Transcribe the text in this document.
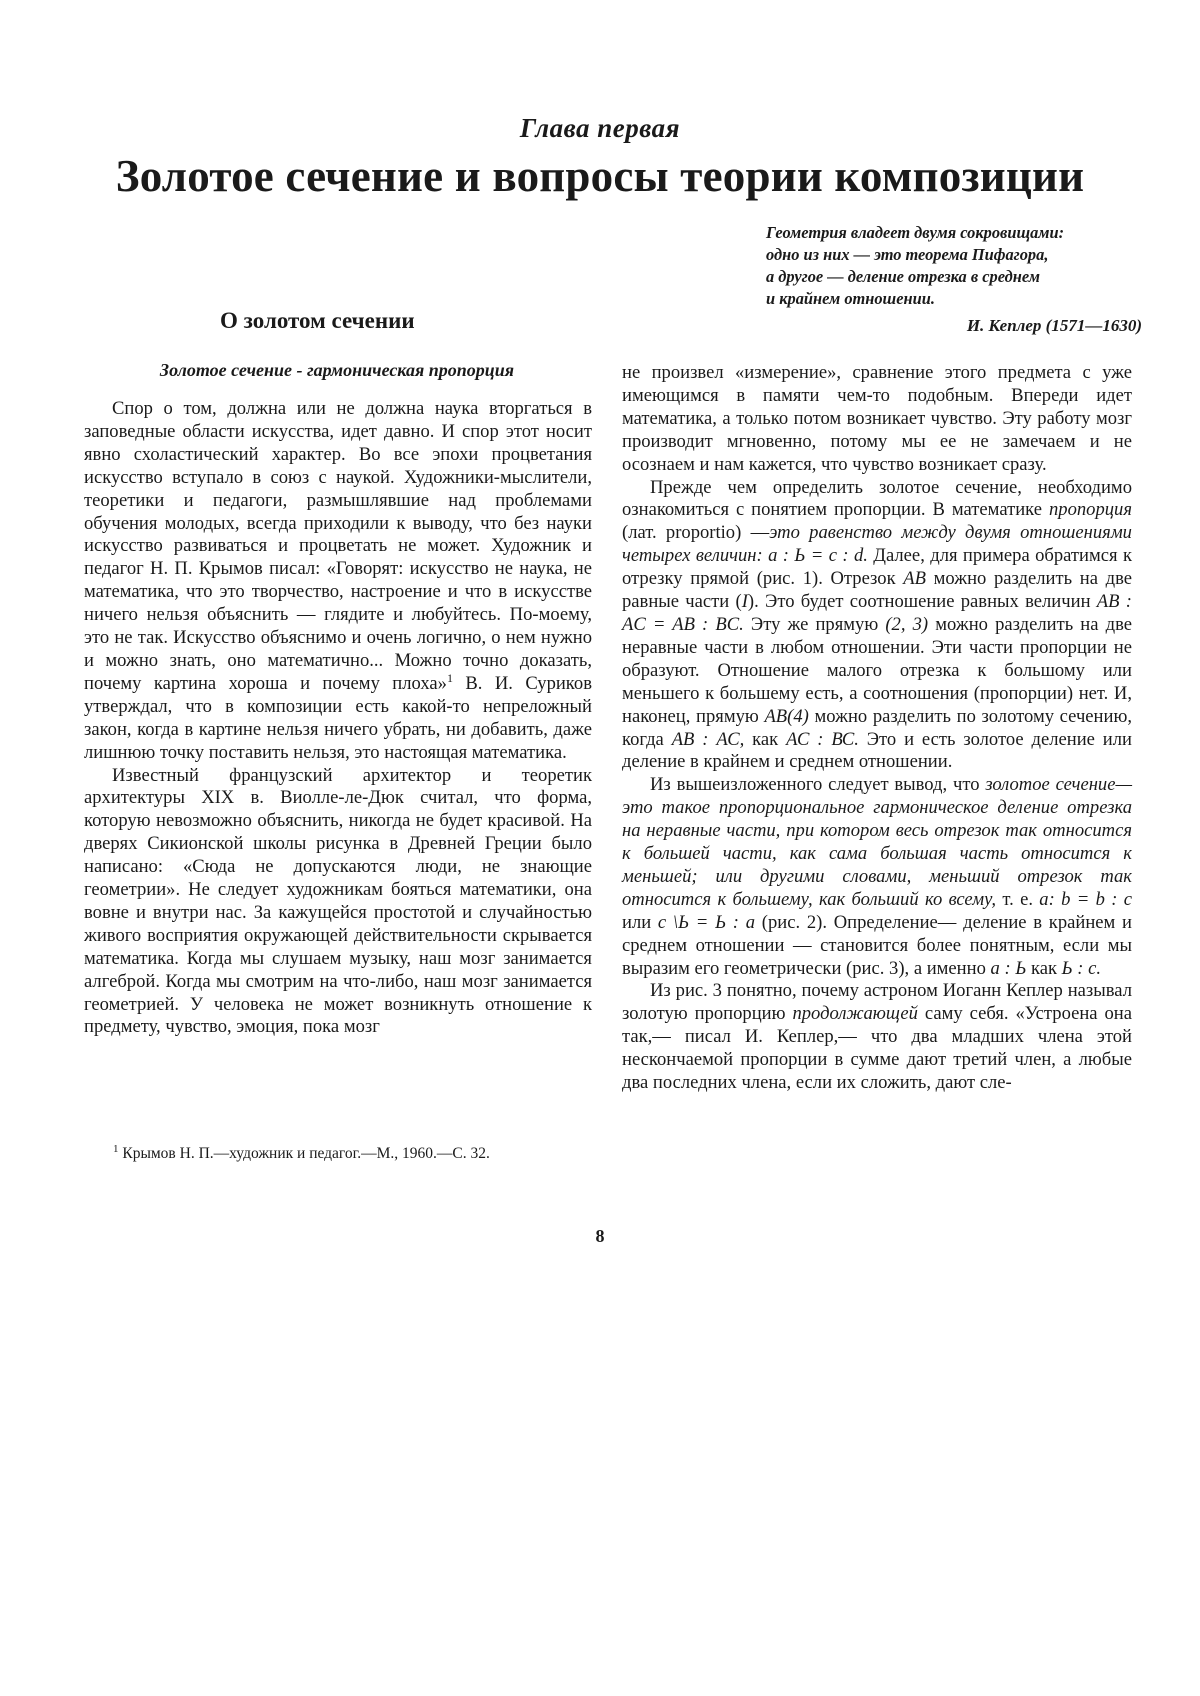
Глава первая
Золотое сечение и вопросы теории композиции
Геометрия владеет двумя сокровищами:
одно из них — это теорема Пифагора,
а другое — деление отрезка в среднем
и крайнем отношении.
И. Кеплер (1571—1630)
О золотом сечении
Золотое сечение - гармоническая пропорция

Спор о том, должна или не должна наука вторгаться в заповедные области искусства, идет давно. И спор этот носит явно схоластический характер. Во все эпохи процветания искусство вступало в союз с наукой. Художники-мыслители, теоретики и педагоги, размышлявшие над проблемами обучения молодых, всегда приходили к выводу, что без науки искусство развиваться и процветать не может. Художник и педагог Н. П. Крымов писал: «Говорят: искусство не наука, не математика, что это творчество, настроение и что в искусстве ничего нельзя объяснить — глядите и любуйтесь. По-моему, это не так. Искусство объяснимо и очень логично, о нем нужно и можно знать, оно математично... Можно точно доказать, почему картина хороша и почему плоха»$^1$ В. И. Суриков утверждал, что в композиции есть какой-то непреложный закон, когда в картине нельзя ничего убрать, ни добавить, даже лишнюю точку поставить нельзя, это настоящая математика.

Известный французский архитектор и теоретик архитектуры XIX в. Виолле-ле-Дюк считал, что форма, которую невозможно объяснить, никогда не будет красивой. На дверях Сикионской школы рисунка в Древней Греции было написано: «Сюда не допускаются люди, не знающие геометрии». Не следует художникам бояться математики, она вовне и внутри нас. За кажущейся простотой и случайностью живого восприятия окружающей действительности скрывается математика. Когда мы слушаем музыку, наш мозг занимается алгеброй. Когда мы смотрим на что-либо, наш мозг занимается геометрией. У человека не может возникнуть отношение к предмету, чувство, эмоция, пока мозг

$^1$ Крымов Н. П.—художник и педагог.—М., 1960.—С. 32.

не произвел «измерение», сравнение этого предмета с уже имеющимся в памяти чем-то подобным. Впереди идет математика, а только потом возникает чувство. Эту работу мозг производит мгновенно, потому мы ее не замечаем и не осознаем и нам кажется, что чувство возникает сразу.

Прежде чем определить золотое сечение, необходимо ознакомиться с понятием пропорции. В математике пропорция (лат. proportio) —это равенство между двумя отношениями четырех величин: a : Ь = c : d. Далее, для примера обратимся к отрезку прямой (рис. 1). Отрезок АВ можно разделить на две равные части (I). Это будет соотношение равных величин AB : AC = AB : BC. Эту же прямую (2, 3) можно разделить на две неравные части в любом отношении. Эти части пропорции не образуют. Отношение малого отрезка к большому или меньшего к большему есть, а соотношения (пропорции) нет. И, наконец, прямую AB(4) можно разделить по золотому сечению, когда АВ : АС, как АС : ВС. Это и есть золотое деление или деление в крайнем и среднем отношении.

Из вышеизложенного следует вывод, что золотое сечение— это такое пропорциональное гармоническое деление отрезка на неравные части, при котором весь отрезок так относится к большей части, как сама большая часть относится к меньшей; или другими словами, меньший отрезок так относится к большему, как больший ко всему, т. е. a: b = b : c или c \Ь = Ь : a (рис. 2). Определение— деление в крайнем и среднем отношении — становится более понятным, если мы выразим его геометрически (рис. 3), а именно a : Ь как Ь : c.

Из рис. 3 понятно, почему астроном Иоганн Кеплер называл золотую пропорцию продолжающей саму себя. «Устроена она так,— писал И. Кеплер,— что два младших члена этой нескончаемой пропорции в сумме дают третий член, а любые два последних члена, если их сложить, дают сле-

8
